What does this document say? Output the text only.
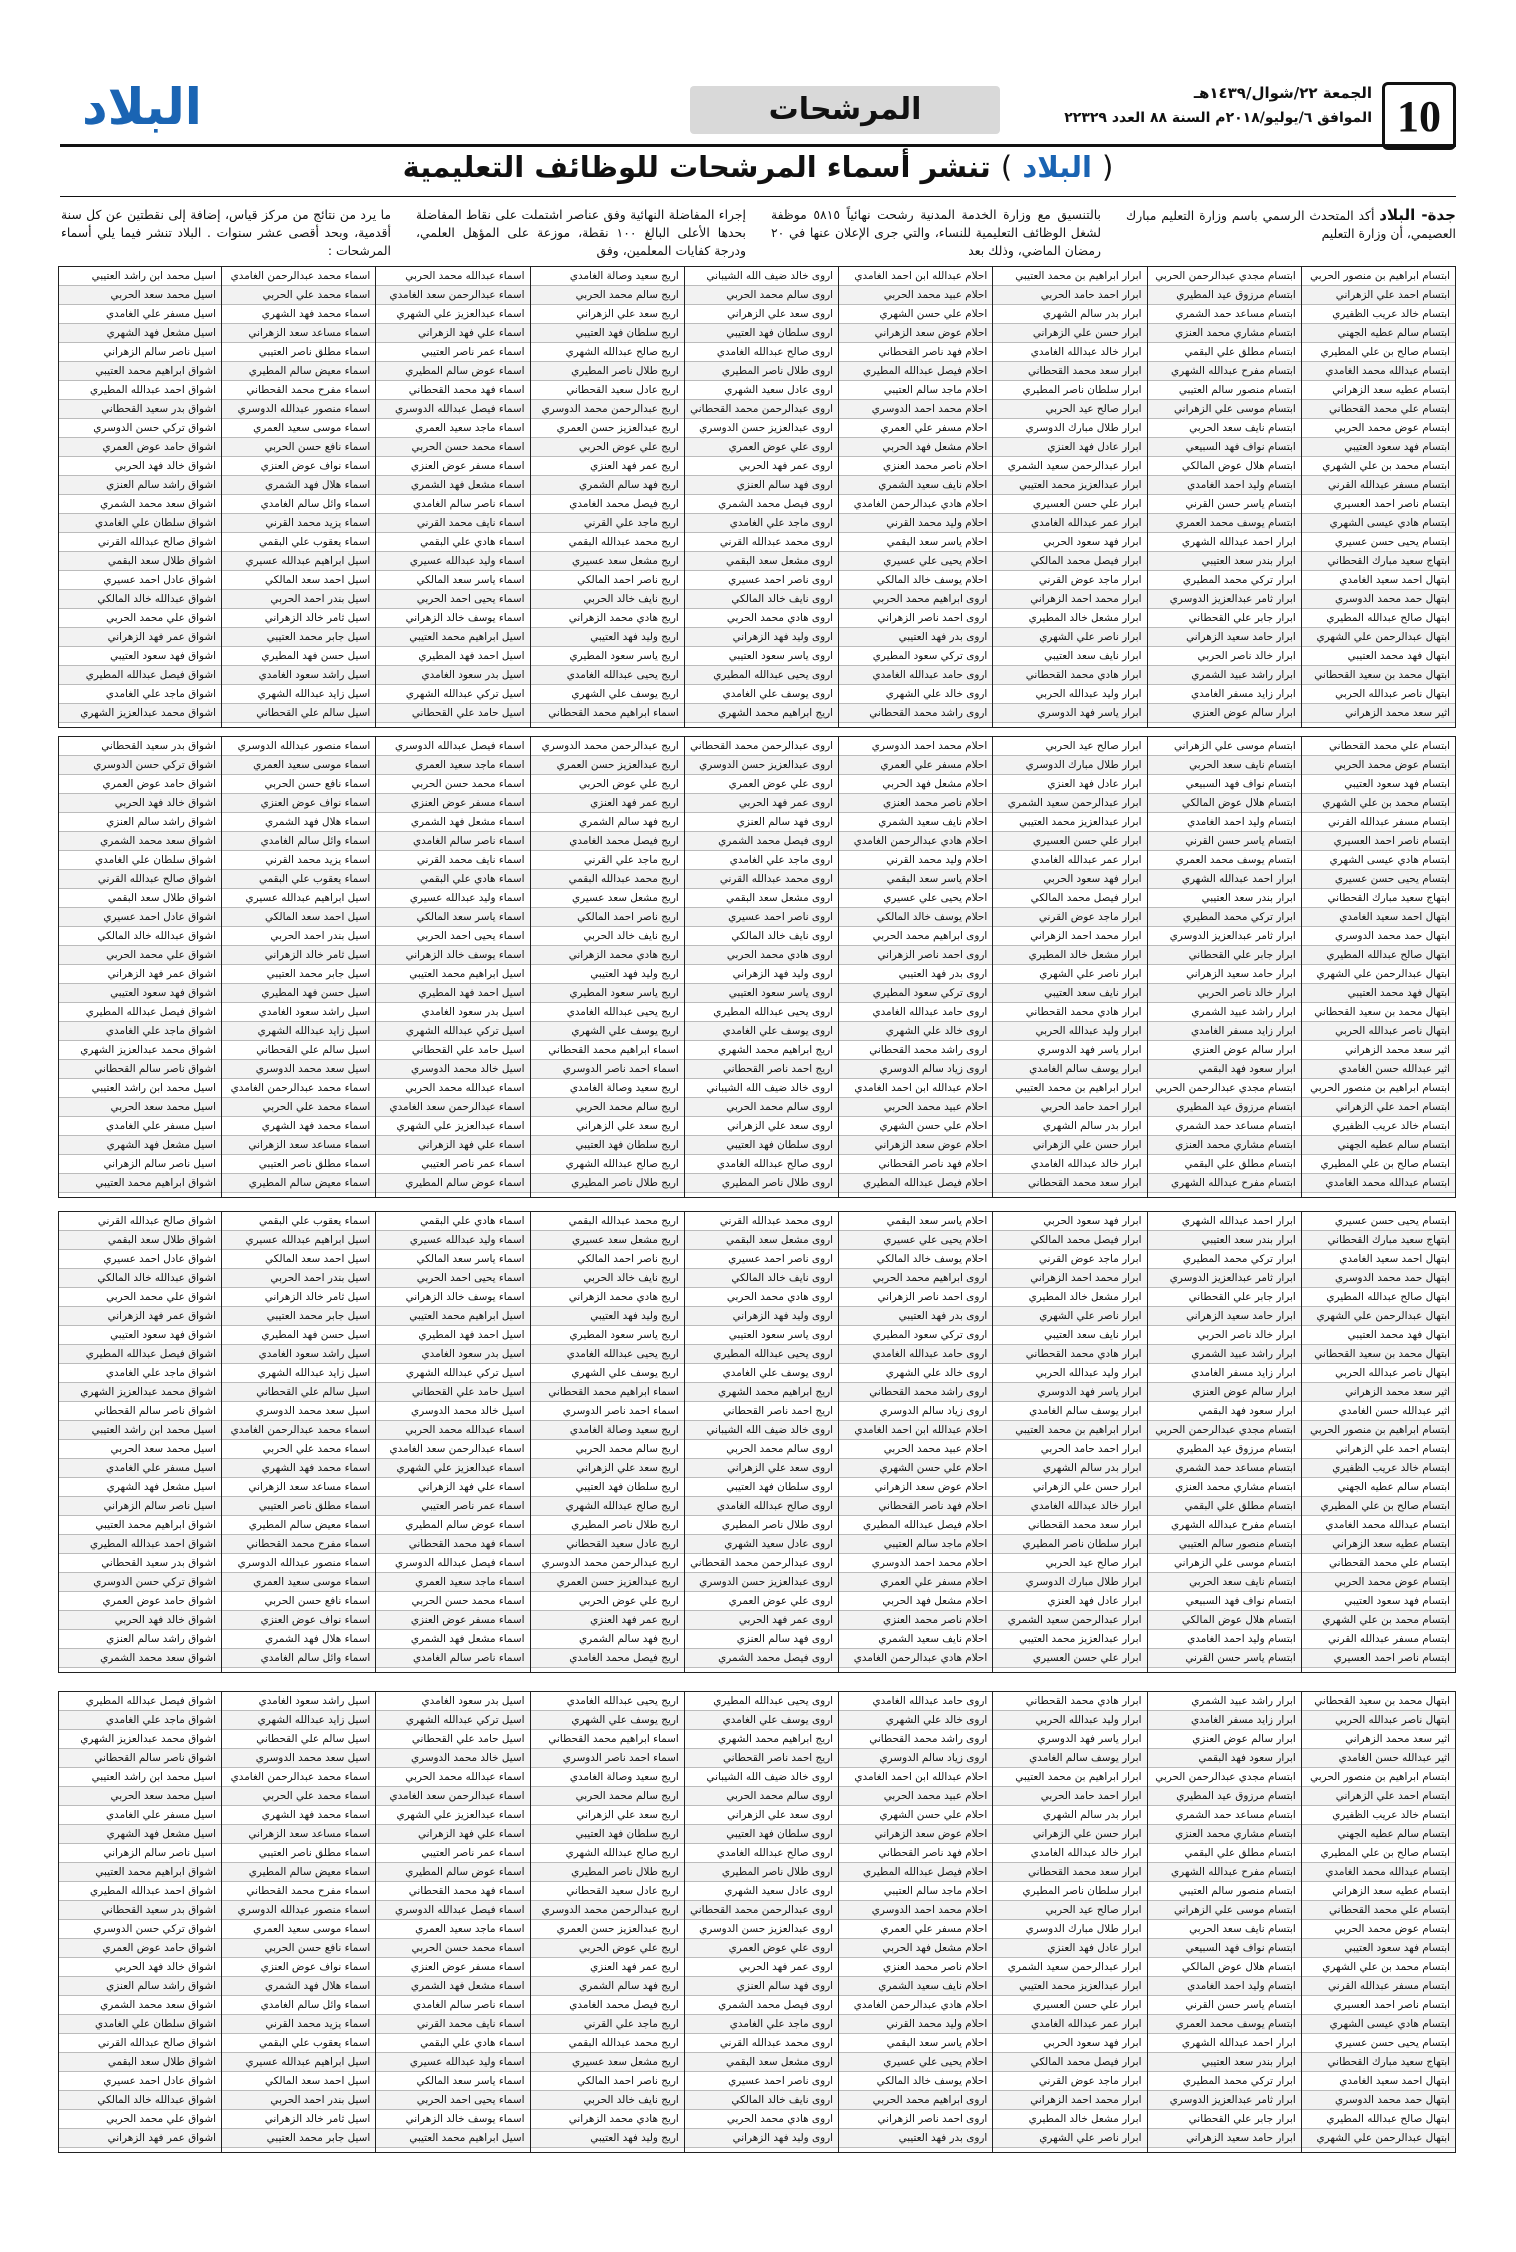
10
الجمعة ٢٢/شوال/١٤٣٩هـ
الموافق ٦/يوليو/٢٠١٨م السنة ٨٨ العدد ٢٢٣٢٩
المرشحات
البلاد
( البلاد ) تنشر أسماء المرشحات للوظائف التعليمية
جدة- البلاد أكد المتحدث الرسمي باسم وزارة التعليم مبارك العصيمي، أن وزارة التعليم
بالتنسيق مع وزارة الخدمة المدنية رشحت نهائياً ٥٨١٥ موظفة لشغل الوظائف التعليمية للنساء، والتي جرى الإعلان عنها في ٢٠ رمضان الماضي، وذلك بعد
إجراء المفاضلة النهائية وفق عناصر اشتملت على نقاط المفاضلة بحدها الأعلى البالغ ١٠٠ نقطة، موزعة على المؤهل العلمي، ودرجة كفايات المعلمين، وفق
ما يرد من نتائج من مركز قياس، إضافة إلى نقطتين عن كل سنة أقدمية، وبحد أقصى عشر سنوات . البلاد تنشر فيما يلي أسماء المرشحات :
ابتسام ابراهيم بن منصور الحربي
ابتسام احمد علي الزهراني
ابتسام خالد عريب الظفيري
ابتسام سالم عطيه الجهني
ابتسام صالح بن علي المطيري
ابتسام عبدالله محمد الغامدي
ابتسام عطيه سعد الزهراني
ابتسام علي محمد القحطاني
ابتسام عوض محمد الحربي
ابتسام فهد سعود العتيبي
ابتسام محمد بن علي الشهري
ابتسام مسفر عبدالله القرني
ابتسام ناصر احمد العسيري
ابتسام هادي عيسى الشهري
ابتسام يحيى حسن عسيري
ابتهاج سعيد مبارك القحطاني
ابتهال احمد سعيد الغامدي
ابتهال حمد محمد الدوسري
ابتهال صالح عبدالله المطيري
ابتهال عبدالرحمن علي الشهري
ابتهال فهد محمد العتيبي
ابتهال محمد بن سعيد القحطاني
ابتهال ناصر عبدالله الحربي
اثير سعد محمد الزهراني
ابتسام علي محمد القحطاني
ابتسام عوض محمد الحربي
ابتسام فهد سعود العتيبي
ابتسام محمد بن علي الشهري
ابتسام مسفر عبدالله القرني
ابتسام ناصر احمد العسيري
ابتسام هادي عيسى الشهري
ابتسام يحيى حسن عسيري
ابتهاج سعيد مبارك القحطاني
ابتهال احمد سعيد الغامدي
ابتهال حمد محمد الدوسري
ابتهال صالح عبدالله المطيري
ابتهال عبدالرحمن علي الشهري
ابتهال فهد محمد العتيبي
ابتهال محمد بن سعيد القحطاني
ابتهال ناصر عبدالله الحربي
اثير سعد محمد الزهراني
اثير عبدالله حسن الغامدي
ابتسام ابراهيم بن منصور الحربي
ابتسام احمد علي الزهراني
ابتسام خالد عريب الظفيري
ابتسام سالم عطيه الجهني
ابتسام صالح بن علي المطيري
ابتسام عبدالله محمد الغامدي
ابتسام يحيى حسن عسيري
ابتهاج سعيد مبارك القحطاني
ابتهال احمد سعيد الغامدي
ابتهال حمد محمد الدوسري
ابتهال صالح عبدالله المطيري
ابتهال عبدالرحمن علي الشهري
ابتهال فهد محمد العتيبي
ابتهال محمد بن سعيد القحطاني
ابتهال ناصر عبدالله الحربي
اثير سعد محمد الزهراني
اثير عبدالله حسن الغامدي
ابتسام ابراهيم بن منصور الحربي
ابتسام احمد علي الزهراني
ابتسام خالد عريب الظفيري
ابتسام سالم عطيه الجهني
ابتسام صالح بن علي المطيري
ابتسام عبدالله محمد الغامدي
ابتسام عطيه سعد الزهراني
ابتسام علي محمد القحطاني
ابتسام عوض محمد الحربي
ابتسام فهد سعود العتيبي
ابتسام محمد بن علي الشهري
ابتسام مسفر عبدالله القرني
ابتسام ناصر احمد العسيري
ابتهال محمد بن سعيد القحطاني
ابتهال ناصر عبدالله الحربي
اثير سعد محمد الزهراني
اثير عبدالله حسن الغامدي
ابتسام ابراهيم بن منصور الحربي
ابتسام احمد علي الزهراني
ابتسام خالد عريب الظفيري
ابتسام سالم عطيه الجهني
ابتسام صالح بن علي المطيري
ابتسام عبدالله محمد الغامدي
ابتسام عطيه سعد الزهراني
ابتسام علي محمد القحطاني
ابتسام عوض محمد الحربي
ابتسام فهد سعود العتيبي
ابتسام محمد بن علي الشهري
ابتسام مسفر عبدالله القرني
ابتسام ناصر احمد العسيري
ابتسام هادي عيسى الشهري
ابتسام يحيى حسن عسيري
ابتهاج سعيد مبارك القحطاني
ابتهال احمد سعيد الغامدي
ابتهال حمد محمد الدوسري
ابتهال صالح عبدالله المطيري
ابتهال عبدالرحمن علي الشهري
ابتسام مجدي عبدالرحمن الحربي
ابتسام مرزوق عيد المطيري
ابتسام مساعد حمد الشمري
ابتسام مشاري محمد العنزي
ابتسام مطلق علي البقمي
ابتسام مفرح عبدالله الشهري
ابتسام منصور سالم العتيبي
ابتسام موسى علي الزهراني
ابتسام نايف سعد الحربي
ابتسام نواف فهد السبيعي
ابتسام هلال عوض المالكي
ابتسام وليد احمد الغامدي
ابتسام ياسر حسن القرني
ابتسام يوسف محمد العمري
ابرار احمد عبدالله الشهري
ابرار بندر سعد العتيبي
ابرار تركي محمد المطيري
ابرار ثامر عبدالعزيز الدوسري
ابرار جابر علي القحطاني
ابرار حامد سعيد الزهراني
ابرار خالد ناصر الحربي
ابرار راشد عبيد الشمري
ابرار زايد مسفر الغامدي
ابرار سالم عوض العنزي
ابتسام موسى علي الزهراني
ابتسام نايف سعد الحربي
ابتسام نواف فهد السبيعي
ابتسام هلال عوض المالكي
ابتسام وليد احمد الغامدي
ابتسام ياسر حسن القرني
ابتسام يوسف محمد العمري
ابرار احمد عبدالله الشهري
ابرار بندر سعد العتيبي
ابرار تركي محمد المطيري
ابرار ثامر عبدالعزيز الدوسري
ابرار جابر علي القحطاني
ابرار حامد سعيد الزهراني
ابرار خالد ناصر الحربي
ابرار راشد عبيد الشمري
ابرار زايد مسفر الغامدي
ابرار سالم عوض العنزي
ابرار سعود فهد البقمي
ابتسام مجدي عبدالرحمن الحربي
ابتسام مرزوق عيد المطيري
ابتسام مساعد حمد الشمري
ابتسام مشاري محمد العنزي
ابتسام مطلق علي البقمي
ابتسام مفرح عبدالله الشهري
ابرار احمد عبدالله الشهري
ابرار بندر سعد العتيبي
ابرار تركي محمد المطيري
ابرار ثامر عبدالعزيز الدوسري
ابرار جابر علي القحطاني
ابرار حامد سعيد الزهراني
ابرار خالد ناصر الحربي
ابرار راشد عبيد الشمري
ابرار زايد مسفر الغامدي
ابرار سالم عوض العنزي
ابرار سعود فهد البقمي
ابتسام مجدي عبدالرحمن الحربي
ابتسام مرزوق عيد المطيري
ابتسام مساعد حمد الشمري
ابتسام مشاري محمد العنزي
ابتسام مطلق علي البقمي
ابتسام مفرح عبدالله الشهري
ابتسام منصور سالم العتيبي
ابتسام موسى علي الزهراني
ابتسام نايف سعد الحربي
ابتسام نواف فهد السبيعي
ابتسام هلال عوض المالكي
ابتسام وليد احمد الغامدي
ابتسام ياسر حسن القرني
ابرار راشد عبيد الشمري
ابرار زايد مسفر الغامدي
ابرار سالم عوض العنزي
ابرار سعود فهد البقمي
ابتسام مجدي عبدالرحمن الحربي
ابتسام مرزوق عيد المطيري
ابتسام مساعد حمد الشمري
ابتسام مشاري محمد العنزي
ابتسام مطلق علي البقمي
ابتسام مفرح عبدالله الشهري
ابتسام منصور سالم العتيبي
ابتسام موسى علي الزهراني
ابتسام نايف سعد الحربي
ابتسام نواف فهد السبيعي
ابتسام هلال عوض المالكي
ابتسام وليد احمد الغامدي
ابتسام ياسر حسن القرني
ابتسام يوسف محمد العمري
ابرار احمد عبدالله الشهري
ابرار بندر سعد العتيبي
ابرار تركي محمد المطيري
ابرار ثامر عبدالعزيز الدوسري
ابرار جابر علي القحطاني
ابرار حامد سعيد الزهراني
ابرار ابراهيم بن محمد العتيبي
ابرار احمد حامد الحربي
ابرار بدر سالم الشهري
ابرار حسن علي الزهراني
ابرار خالد عبدالله الغامدي
ابرار سعد محمد القحطاني
ابرار سلطان ناصر المطيري
ابرار صالح عيد الحربي
ابرار طلال مبارك الدوسري
ابرار عادل فهد العنزي
ابرار عبدالرحمن سعيد الشمري
ابرار عبدالعزيز محمد العتيبي
ابرار علي حسن العسيري
ابرار عمر عبدالله الغامدي
ابرار فهد سعود الحربي
ابرار فيصل محمد المالكي
ابرار ماجد عوض القرني
ابرار محمد احمد الزهراني
ابرار مشعل خالد المطيري
ابرار ناصر علي الشهري
ابرار نايف سعد العتيبي
ابرار هادي محمد القحطاني
ابرار وليد عبدالله الحربي
ابرار ياسر فهد الدوسري
ابرار صالح عيد الحربي
ابرار طلال مبارك الدوسري
ابرار عادل فهد العنزي
ابرار عبدالرحمن سعيد الشمري
ابرار عبدالعزيز محمد العتيبي
ابرار علي حسن العسيري
ابرار عمر عبدالله الغامدي
ابرار فهد سعود الحربي
ابرار فيصل محمد المالكي
ابرار ماجد عوض القرني
ابرار محمد احمد الزهراني
ابرار مشعل خالد المطيري
ابرار ناصر علي الشهري
ابرار نايف سعد العتيبي
ابرار هادي محمد القحطاني
ابرار وليد عبدالله الحربي
ابرار ياسر فهد الدوسري
ابرار يوسف سالم الغامدي
ابرار ابراهيم بن محمد العتيبي
ابرار احمد حامد الحربي
ابرار بدر سالم الشهري
ابرار حسن علي الزهراني
ابرار خالد عبدالله الغامدي
ابرار سعد محمد القحطاني
ابرار فهد سعود الحربي
ابرار فيصل محمد المالكي
ابرار ماجد عوض القرني
ابرار محمد احمد الزهراني
ابرار مشعل خالد المطيري
ابرار ناصر علي الشهري
ابرار نايف سعد العتيبي
ابرار هادي محمد القحطاني
ابرار وليد عبدالله الحربي
ابرار ياسر فهد الدوسري
ابرار يوسف سالم الغامدي
ابرار ابراهيم بن محمد العتيبي
ابرار احمد حامد الحربي
ابرار بدر سالم الشهري
ابرار حسن علي الزهراني
ابرار خالد عبدالله الغامدي
ابرار سعد محمد القحطاني
ابرار سلطان ناصر المطيري
ابرار صالح عيد الحربي
ابرار طلال مبارك الدوسري
ابرار عادل فهد العنزي
ابرار عبدالرحمن سعيد الشمري
ابرار عبدالعزيز محمد العتيبي
ابرار علي حسن العسيري
ابرار هادي محمد القحطاني
ابرار وليد عبدالله الحربي
ابرار ياسر فهد الدوسري
ابرار يوسف سالم الغامدي
ابرار ابراهيم بن محمد العتيبي
ابرار احمد حامد الحربي
ابرار بدر سالم الشهري
ابرار حسن علي الزهراني
ابرار خالد عبدالله الغامدي
ابرار سعد محمد القحطاني
ابرار سلطان ناصر المطيري
ابرار صالح عيد الحربي
ابرار طلال مبارك الدوسري
ابرار عادل فهد العنزي
ابرار عبدالرحمن سعيد الشمري
ابرار عبدالعزيز محمد العتيبي
ابرار علي حسن العسيري
ابرار عمر عبدالله الغامدي
ابرار فهد سعود الحربي
ابرار فيصل محمد المالكي
ابرار ماجد عوض القرني
ابرار محمد احمد الزهراني
ابرار مشعل خالد المطيري
ابرار ناصر علي الشهري
احلام عبدالله ابن احمد الغامدي
احلام عبيد محمد الحربي
احلام علي حسن الشهري
احلام عوض سعد الزهراني
احلام فهد ناصر القحطاني
احلام فيصل عبدالله المطيري
احلام ماجد سالم العتيبي
احلام محمد احمد الدوسري
احلام مسفر علي العمري
احلام مشعل فهد الحربي
احلام ناصر محمد العنزي
احلام نايف سعيد الشمري
احلام هادي عبدالرحمن الغامدي
احلام وليد محمد القرني
احلام ياسر سعد البقمي
احلام يحيى علي عسيري
احلام يوسف خالد المالكي
اروى ابراهيم محمد الحربي
اروى احمد ناصر الزهراني
اروى بدر فهد العتيبي
اروى تركي سعود المطيري
اروى حامد عبدالله الغامدي
اروى خالد علي الشهري
اروى راشد محمد القحطاني
احلام محمد احمد الدوسري
احلام مسفر علي العمري
احلام مشعل فهد الحربي
احلام ناصر محمد العنزي
احلام نايف سعيد الشمري
احلام هادي عبدالرحمن الغامدي
احلام وليد محمد القرني
احلام ياسر سعد البقمي
احلام يحيى علي عسيري
احلام يوسف خالد المالكي
اروى ابراهيم محمد الحربي
اروى احمد ناصر الزهراني
اروى بدر فهد العتيبي
اروى تركي سعود المطيري
اروى حامد عبدالله الغامدي
اروى خالد علي الشهري
اروى راشد محمد القحطاني
اروى زياد سالم الدوسري
احلام عبدالله ابن احمد الغامدي
احلام عبيد محمد الحربي
احلام علي حسن الشهري
احلام عوض سعد الزهراني
احلام فهد ناصر القحطاني
احلام فيصل عبدالله المطيري
احلام ياسر سعد البقمي
احلام يحيى علي عسيري
احلام يوسف خالد المالكي
اروى ابراهيم محمد الحربي
اروى احمد ناصر الزهراني
اروى بدر فهد العتيبي
اروى تركي سعود المطيري
اروى حامد عبدالله الغامدي
اروى خالد علي الشهري
اروى راشد محمد القحطاني
اروى زياد سالم الدوسري
احلام عبدالله ابن احمد الغامدي
احلام عبيد محمد الحربي
احلام علي حسن الشهري
احلام عوض سعد الزهراني
احلام فهد ناصر القحطاني
احلام فيصل عبدالله المطيري
احلام ماجد سالم العتيبي
احلام محمد احمد الدوسري
احلام مسفر علي العمري
احلام مشعل فهد الحربي
احلام ناصر محمد العنزي
احلام نايف سعيد الشمري
احلام هادي عبدالرحمن الغامدي
اروى حامد عبدالله الغامدي
اروى خالد علي الشهري
اروى راشد محمد القحطاني
اروى زياد سالم الدوسري
احلام عبدالله ابن احمد الغامدي
احلام عبيد محمد الحربي
احلام علي حسن الشهري
احلام عوض سعد الزهراني
احلام فهد ناصر القحطاني
احلام فيصل عبدالله المطيري
احلام ماجد سالم العتيبي
احلام محمد احمد الدوسري
احلام مسفر علي العمري
احلام مشعل فهد الحربي
احلام ناصر محمد العنزي
احلام نايف سعيد الشمري
احلام هادي عبدالرحمن الغامدي
احلام وليد محمد القرني
احلام ياسر سعد البقمي
احلام يحيى علي عسيري
احلام يوسف خالد المالكي
اروى ابراهيم محمد الحربي
اروى احمد ناصر الزهراني
اروى بدر فهد العتيبي
اروى خالد ضيف الله الشيباني
اروى سالم محمد الحربي
اروى سعد علي الزهراني
اروى سلطان فهد العتيبي
اروى صالح عبدالله الغامدي
اروى طلال ناصر المطيري
اروى عادل سعيد الشهري
اروى عبدالرحمن محمد القحطاني
اروى عبدالعزيز حسن الدوسري
اروى علي عوض العمري
اروى عمر فهد الحربي
اروى فهد سالم العنزي
اروى فيصل محمد الشمري
اروى ماجد علي الغامدي
اروى محمد عبدالله القرني
اروى مشعل سعد البقمي
اروى ناصر احمد عسيري
اروى نايف خالد المالكي
اروى هادي محمد الحربي
اروى وليد فهد الزهراني
اروى ياسر سعود العتيبي
اروى يحيى عبدالله المطيري
اروى يوسف علي الغامدي
اريج ابراهيم محمد الشهري
اروى عبدالرحمن محمد القحطاني
اروى عبدالعزيز حسن الدوسري
اروى علي عوض العمري
اروى عمر فهد الحربي
اروى فهد سالم العنزي
اروى فيصل محمد الشمري
اروى ماجد علي الغامدي
اروى محمد عبدالله القرني
اروى مشعل سعد البقمي
اروى ناصر احمد عسيري
اروى نايف خالد المالكي
اروى هادي محمد الحربي
اروى وليد فهد الزهراني
اروى ياسر سعود العتيبي
اروى يحيى عبدالله المطيري
اروى يوسف علي الغامدي
اريج ابراهيم محمد الشهري
اريج احمد ناصر القحطاني
اروى خالد ضيف الله الشيباني
اروى سالم محمد الحربي
اروى سعد علي الزهراني
اروى سلطان فهد العتيبي
اروى صالح عبدالله الغامدي
اروى طلال ناصر المطيري
اروى محمد عبدالله القرني
اروى مشعل سعد البقمي
اروى ناصر احمد عسيري
اروى نايف خالد المالكي
اروى هادي محمد الحربي
اروى وليد فهد الزهراني
اروى ياسر سعود العتيبي
اروى يحيى عبدالله المطيري
اروى يوسف علي الغامدي
اريج ابراهيم محمد الشهري
اريج احمد ناصر القحطاني
اروى خالد ضيف الله الشيباني
اروى سالم محمد الحربي
اروى سعد علي الزهراني
اروى سلطان فهد العتيبي
اروى صالح عبدالله الغامدي
اروى طلال ناصر المطيري
اروى عادل سعيد الشهري
اروى عبدالرحمن محمد القحطاني
اروى عبدالعزيز حسن الدوسري
اروى علي عوض العمري
اروى عمر فهد الحربي
اروى فهد سالم العنزي
اروى فيصل محمد الشمري
اروى يحيى عبدالله المطيري
اروى يوسف علي الغامدي
اريج ابراهيم محمد الشهري
اريج احمد ناصر القحطاني
اروى خالد ضيف الله الشيباني
اروى سالم محمد الحربي
اروى سعد علي الزهراني
اروى سلطان فهد العتيبي
اروى صالح عبدالله الغامدي
اروى طلال ناصر المطيري
اروى عادل سعيد الشهري
اروى عبدالرحمن محمد القحطاني
اروى عبدالعزيز حسن الدوسري
اروى علي عوض العمري
اروى عمر فهد الحربي
اروى فهد سالم العنزي
اروى فيصل محمد الشمري
اروى ماجد علي الغامدي
اروى محمد عبدالله القرني
اروى مشعل سعد البقمي
اروى ناصر احمد عسيري
اروى نايف خالد المالكي
اروى هادي محمد الحربي
اروى وليد فهد الزهراني
اريج سعيد وصالة الغامدي
اريج سالم محمد الحربي
اريج سعد علي الزهراني
اريج سلطان فهد العتيبي
اريج صالح عبدالله الشهري
اريج طلال ناصر المطيري
اريج عادل سعيد القحطاني
اريج عبدالرحمن محمد الدوسري
اريج عبدالعزيز حسن العمري
اريج علي عوض الحربي
اريج عمر فهد العنزي
اريج فهد سالم الشمري
اريج فيصل محمد الغامدي
اريج ماجد علي القرني
اريج محمد عبدالله البقمي
اريج مشعل سعد عسيري
اريج ناصر احمد المالكي
اريج نايف خالد الحربي
اريج هادي محمد الزهراني
اريج وليد فهد العتيبي
اريج ياسر سعود المطيري
اريج يحيى عبدالله الغامدي
اريج يوسف علي الشهري
اسماء ابراهيم محمد القحطاني
اريج عبدالرحمن محمد الدوسري
اريج عبدالعزيز حسن العمري
اريج علي عوض الحربي
اريج عمر فهد العنزي
اريج فهد سالم الشمري
اريج فيصل محمد الغامدي
اريج ماجد علي القرني
اريج محمد عبدالله البقمي
اريج مشعل سعد عسيري
اريج ناصر احمد المالكي
اريج نايف خالد الحربي
اريج هادي محمد الزهراني
اريج وليد فهد العتيبي
اريج ياسر سعود المطيري
اريج يحيى عبدالله الغامدي
اريج يوسف علي الشهري
اسماء ابراهيم محمد القحطاني
اسماء احمد ناصر الدوسري
اريج سعيد وصالة الغامدي
اريج سالم محمد الحربي
اريج سعد علي الزهراني
اريج سلطان فهد العتيبي
اريج صالح عبدالله الشهري
اريج طلال ناصر المطيري
اريج محمد عبدالله البقمي
اريج مشعل سعد عسيري
اريج ناصر احمد المالكي
اريج نايف خالد الحربي
اريج هادي محمد الزهراني
اريج وليد فهد العتيبي
اريج ياسر سعود المطيري
اريج يحيى عبدالله الغامدي
اريج يوسف علي الشهري
اسماء ابراهيم محمد القحطاني
اسماء احمد ناصر الدوسري
اريج سعيد وصالة الغامدي
اريج سالم محمد الحربي
اريج سعد علي الزهراني
اريج سلطان فهد العتيبي
اريج صالح عبدالله الشهري
اريج طلال ناصر المطيري
اريج عادل سعيد القحطاني
اريج عبدالرحمن محمد الدوسري
اريج عبدالعزيز حسن العمري
اريج علي عوض الحربي
اريج عمر فهد العنزي
اريج فهد سالم الشمري
اريج فيصل محمد الغامدي
اريج يحيى عبدالله الغامدي
اريج يوسف علي الشهري
اسماء ابراهيم محمد القحطاني
اسماء احمد ناصر الدوسري
اريج سعيد وصالة الغامدي
اريج سالم محمد الحربي
اريج سعد علي الزهراني
اريج سلطان فهد العتيبي
اريج صالح عبدالله الشهري
اريج طلال ناصر المطيري
اريج عادل سعيد القحطاني
اريج عبدالرحمن محمد الدوسري
اريج عبدالعزيز حسن العمري
اريج علي عوض الحربي
اريج عمر فهد العنزي
اريج فهد سالم الشمري
اريج فيصل محمد الغامدي
اريج ماجد علي القرني
اريج محمد عبدالله البقمي
اريج مشعل سعد عسيري
اريج ناصر احمد المالكي
اريج نايف خالد الحربي
اريج هادي محمد الزهراني
اريج وليد فهد العتيبي
اسماء عبدالله محمد الحربي
اسماء عبدالرحمن سعد الغامدي
اسماء عبدالعزيز علي الشهري
اسماء علي فهد الزهراني
اسماء عمر ناصر العتيبي
اسماء عوض سالم المطيري
اسماء فهد محمد القحطاني
اسماء فيصل عبدالله الدوسري
اسماء ماجد سعيد العمري
اسماء محمد حسن الحربي
اسماء مسفر عوض العنزي
اسماء مشعل فهد الشمري
اسماء ناصر سالم الغامدي
اسماء نايف محمد القرني
اسماء هادي علي البقمي
اسماء وليد عبدالله عسيري
اسماء ياسر سعد المالكي
اسماء يحيى احمد الحربي
اسماء يوسف خالد الزهراني
اسيل ابراهيم محمد العتيبي
اسيل احمد فهد المطيري
اسيل بدر سعود الغامدي
اسيل تركي عبدالله الشهري
اسيل حامد علي القحطاني
اسماء فيصل عبدالله الدوسري
اسماء ماجد سعيد العمري
اسماء محمد حسن الحربي
اسماء مسفر عوض العنزي
اسماء مشعل فهد الشمري
اسماء ناصر سالم الغامدي
اسماء نايف محمد القرني
اسماء هادي علي البقمي
اسماء وليد عبدالله عسيري
اسماء ياسر سعد المالكي
اسماء يحيى احمد الحربي
اسماء يوسف خالد الزهراني
اسيل ابراهيم محمد العتيبي
اسيل احمد فهد المطيري
اسيل بدر سعود الغامدي
اسيل تركي عبدالله الشهري
اسيل حامد علي القحطاني
اسيل خالد محمد الدوسري
اسماء عبدالله محمد الحربي
اسماء عبدالرحمن سعد الغامدي
اسماء عبدالعزيز علي الشهري
اسماء علي فهد الزهراني
اسماء عمر ناصر العتيبي
اسماء عوض سالم المطيري
اسماء هادي علي البقمي
اسماء وليد عبدالله عسيري
اسماء ياسر سعد المالكي
اسماء يحيى احمد الحربي
اسماء يوسف خالد الزهراني
اسيل ابراهيم محمد العتيبي
اسيل احمد فهد المطيري
اسيل بدر سعود الغامدي
اسيل تركي عبدالله الشهري
اسيل حامد علي القحطاني
اسيل خالد محمد الدوسري
اسماء عبدالله محمد الحربي
اسماء عبدالرحمن سعد الغامدي
اسماء عبدالعزيز علي الشهري
اسماء علي فهد الزهراني
اسماء عمر ناصر العتيبي
اسماء عوض سالم المطيري
اسماء فهد محمد القحطاني
اسماء فيصل عبدالله الدوسري
اسماء ماجد سعيد العمري
اسماء محمد حسن الحربي
اسماء مسفر عوض العنزي
اسماء مشعل فهد الشمري
اسماء ناصر سالم الغامدي
اسيل بدر سعود الغامدي
اسيل تركي عبدالله الشهري
اسيل حامد علي القحطاني
اسيل خالد محمد الدوسري
اسماء عبدالله محمد الحربي
اسماء عبدالرحمن سعد الغامدي
اسماء عبدالعزيز علي الشهري
اسماء علي فهد الزهراني
اسماء عمر ناصر العتيبي
اسماء عوض سالم المطيري
اسماء فهد محمد القحطاني
اسماء فيصل عبدالله الدوسري
اسماء ماجد سعيد العمري
اسماء محمد حسن الحربي
اسماء مسفر عوض العنزي
اسماء مشعل فهد الشمري
اسماء ناصر سالم الغامدي
اسماء نايف محمد القرني
اسماء هادي علي البقمي
اسماء وليد عبدالله عسيري
اسماء ياسر سعد المالكي
اسماء يحيى احمد الحربي
اسماء يوسف خالد الزهراني
اسيل ابراهيم محمد العتيبي
اسماء محمد عبدالرحمن الغامدي
اسماء محمد علي الحربي
اسماء محمد فهد الشهري
اسماء مساعد سعد الزهراني
اسماء مطلق ناصر العتيبي
اسماء معيض سالم المطيري
اسماء مفرح محمد القحطاني
اسماء منصور عبدالله الدوسري
اسماء موسى سعيد العمري
اسماء نافع حسن الحربي
اسماء نواف عوض العنزي
اسماء هلال فهد الشمري
اسماء وائل سالم الغامدي
اسماء يزيد محمد القرني
اسماء يعقوب علي البقمي
اسيل ابراهيم عبدالله عسيري
اسيل احمد سعد المالكي
اسيل بندر احمد الحربي
اسيل ثامر خالد الزهراني
اسيل جابر محمد العتيبي
اسيل حسن فهد المطيري
اسيل راشد سعود الغامدي
اسيل زايد عبدالله الشهري
اسيل سالم علي القحطاني
اسماء منصور عبدالله الدوسري
اسماء موسى سعيد العمري
اسماء نافع حسن الحربي
اسماء نواف عوض العنزي
اسماء هلال فهد الشمري
اسماء وائل سالم الغامدي
اسماء يزيد محمد القرني
اسماء يعقوب علي البقمي
اسيل ابراهيم عبدالله عسيري
اسيل احمد سعد المالكي
اسيل بندر احمد الحربي
اسيل ثامر خالد الزهراني
اسيل جابر محمد العتيبي
اسيل حسن فهد المطيري
اسيل راشد سعود الغامدي
اسيل زايد عبدالله الشهري
اسيل سالم علي القحطاني
اسيل سعد محمد الدوسري
اسماء محمد عبدالرحمن الغامدي
اسماء محمد علي الحربي
اسماء محمد فهد الشهري
اسماء مساعد سعد الزهراني
اسماء مطلق ناصر العتيبي
اسماء معيض سالم المطيري
اسماء يعقوب علي البقمي
اسيل ابراهيم عبدالله عسيري
اسيل احمد سعد المالكي
اسيل بندر احمد الحربي
اسيل ثامر خالد الزهراني
اسيل جابر محمد العتيبي
اسيل حسن فهد المطيري
اسيل راشد سعود الغامدي
اسيل زايد عبدالله الشهري
اسيل سالم علي القحطاني
اسيل سعد محمد الدوسري
اسماء محمد عبدالرحمن الغامدي
اسماء محمد علي الحربي
اسماء محمد فهد الشهري
اسماء مساعد سعد الزهراني
اسماء مطلق ناصر العتيبي
اسماء معيض سالم المطيري
اسماء مفرح محمد القحطاني
اسماء منصور عبدالله الدوسري
اسماء موسى سعيد العمري
اسماء نافع حسن الحربي
اسماء نواف عوض العنزي
اسماء هلال فهد الشمري
اسماء وائل سالم الغامدي
اسيل راشد سعود الغامدي
اسيل زايد عبدالله الشهري
اسيل سالم علي القحطاني
اسيل سعد محمد الدوسري
اسماء محمد عبدالرحمن الغامدي
اسماء محمد علي الحربي
اسماء محمد فهد الشهري
اسماء مساعد سعد الزهراني
اسماء مطلق ناصر العتيبي
اسماء معيض سالم المطيري
اسماء مفرح محمد القحطاني
اسماء منصور عبدالله الدوسري
اسماء موسى سعيد العمري
اسماء نافع حسن الحربي
اسماء نواف عوض العنزي
اسماء هلال فهد الشمري
اسماء وائل سالم الغامدي
اسماء يزيد محمد القرني
اسماء يعقوب علي البقمي
اسيل ابراهيم عبدالله عسيري
اسيل احمد سعد المالكي
اسيل بندر احمد الحربي
اسيل ثامر خالد الزهراني
اسيل جابر محمد العتيبي
اسيل محمد ابن راشد العتيبي
اسيل محمد سعد الحربي
اسيل مسفر علي الغامدي
اسيل مشعل فهد الشهري
اسيل ناصر سالم الزهراني
اشواق ابراهيم محمد العتيبي
اشواق احمد عبدالله المطيري
اشواق بدر سعيد القحطاني
اشواق تركي حسن الدوسري
اشواق حامد عوض العمري
اشواق خالد فهد الحربي
اشواق راشد سالم العنزي
اشواق سعد محمد الشمري
اشواق سلطان علي الغامدي
اشواق صالح عبدالله القرني
اشواق طلال سعد البقمي
اشواق عادل احمد عسيري
اشواق عبدالله خالد المالكي
اشواق علي محمد الحربي
اشواق عمر فهد الزهراني
اشواق فهد سعود العتيبي
اشواق فيصل عبدالله المطيري
اشواق ماجد علي الغامدي
اشواق محمد عبدالعزيز الشهري
اشواق بدر سعيد القحطاني
اشواق تركي حسن الدوسري
اشواق حامد عوض العمري
اشواق خالد فهد الحربي
اشواق راشد سالم العنزي
اشواق سعد محمد الشمري
اشواق سلطان علي الغامدي
اشواق صالح عبدالله القرني
اشواق طلال سعد البقمي
اشواق عادل احمد عسيري
اشواق عبدالله خالد المالكي
اشواق علي محمد الحربي
اشواق عمر فهد الزهراني
اشواق فهد سعود العتيبي
اشواق فيصل عبدالله المطيري
اشواق ماجد علي الغامدي
اشواق محمد عبدالعزيز الشهري
اشواق ناصر سالم القحطاني
اسيل محمد ابن راشد العتيبي
اسيل محمد سعد الحربي
اسيل مسفر علي الغامدي
اسيل مشعل فهد الشهري
اسيل ناصر سالم الزهراني
اشواق ابراهيم محمد العتيبي
اشواق صالح عبدالله القرني
اشواق طلال سعد البقمي
اشواق عادل احمد عسيري
اشواق عبدالله خالد المالكي
اشواق علي محمد الحربي
اشواق عمر فهد الزهراني
اشواق فهد سعود العتيبي
اشواق فيصل عبدالله المطيري
اشواق ماجد علي الغامدي
اشواق محمد عبدالعزيز الشهري
اشواق ناصر سالم القحطاني
اسيل محمد ابن راشد العتيبي
اسيل محمد سعد الحربي
اسيل مسفر علي الغامدي
اسيل مشعل فهد الشهري
اسيل ناصر سالم الزهراني
اشواق ابراهيم محمد العتيبي
اشواق احمد عبدالله المطيري
اشواق بدر سعيد القحطاني
اشواق تركي حسن الدوسري
اشواق حامد عوض العمري
اشواق خالد فهد الحربي
اشواق راشد سالم العنزي
اشواق سعد محمد الشمري
اشواق فيصل عبدالله المطيري
اشواق ماجد علي الغامدي
اشواق محمد عبدالعزيز الشهري
اشواق ناصر سالم القحطاني
اسيل محمد ابن راشد العتيبي
اسيل محمد سعد الحربي
اسيل مسفر علي الغامدي
اسيل مشعل فهد الشهري
اسيل ناصر سالم الزهراني
اشواق ابراهيم محمد العتيبي
اشواق احمد عبدالله المطيري
اشواق بدر سعيد القحطاني
اشواق تركي حسن الدوسري
اشواق حامد عوض العمري
اشواق خالد فهد الحربي
اشواق راشد سالم العنزي
اشواق سعد محمد الشمري
اشواق سلطان علي الغامدي
اشواق صالح عبدالله القرني
اشواق طلال سعد البقمي
اشواق عادل احمد عسيري
اشواق عبدالله خالد المالكي
اشواق علي محمد الحربي
اشواق عمر فهد الزهراني
